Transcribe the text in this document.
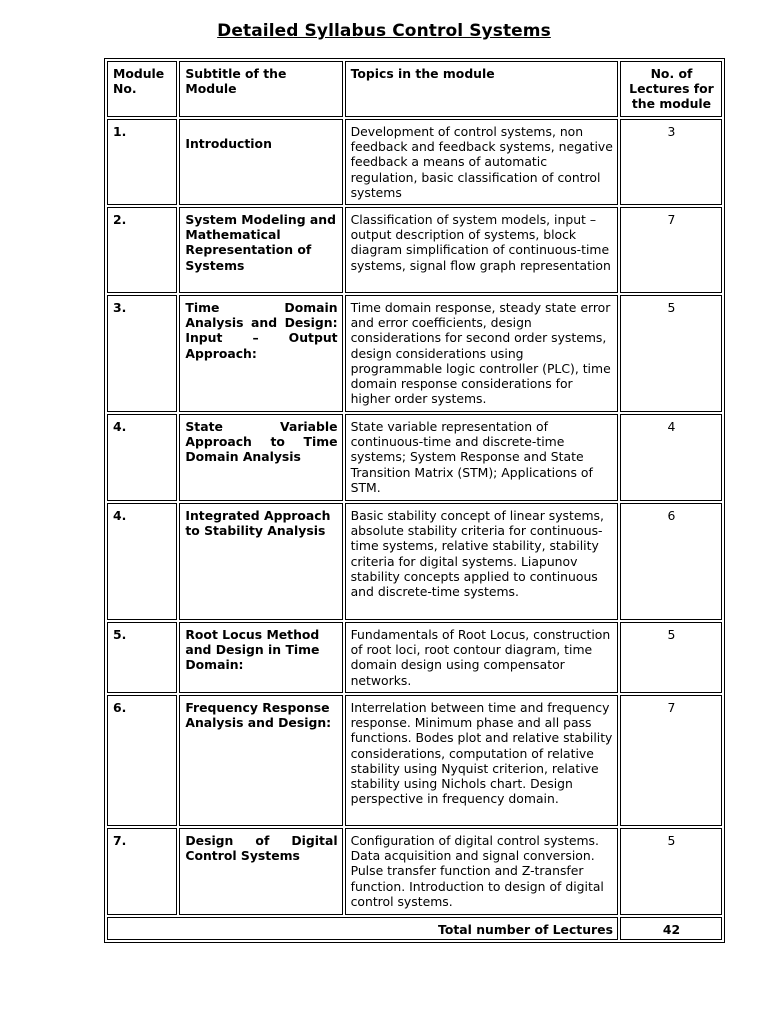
Detailed Syllabus Control Systems
Module No.	Subtitle of the Module	Topics in the module	No. of Lectures for the module
1.	Introduction	Development of control systems, non feedback and feedback systems, negative feedback a means of automatic regulation, basic classification of control systems	3
2.	System Modeling and Mathematical Representation of Systems	Classification of system models, input – output description of systems, block diagram simplification of continuous-time systems, signal flow graph representation	7
3.	Time Domain Analysis and Design: Input – Output Approach:	Time domain response, steady state error and error coefficients, design considerations for second order systems, design considerations using programmable logic controller (PLC), time domain response considerations for higher order systems.	5
4.	State Variable Approach to Time Domain Analysis	State variable representation of continuous-time and discrete-time systems; System Response and State Transition Matrix (STM); Applications of STM.	4
4.	Integrated Approach to Stability Analysis	Basic stability concept of linear systems, absolute stability criteria for continuous-time systems, relative stability, stability criteria for digital systems. Liapunov stability concepts applied to continuous and discrete-time systems.	6
5.	Root Locus Method and Design in Time Domain:	Fundamentals of Root Locus, construction of root loci, root contour diagram, time domain design using compensator networks.	5
6.	Frequency Response Analysis and Design:	Interrelation between time and frequency response. Minimum phase and all pass functions. Bodes plot and relative stability considerations, computation of relative stability using Nyquist criterion, relative stability using Nichols chart. Design perspective in frequency domain.	7
7.	Design of Digital Control Systems	Configuration of digital control systems. Data acquisition and signal conversion. Pulse transfer function and Z-transfer function. Introduction to design of digital control systems.	5
Total number of Lectures			42
